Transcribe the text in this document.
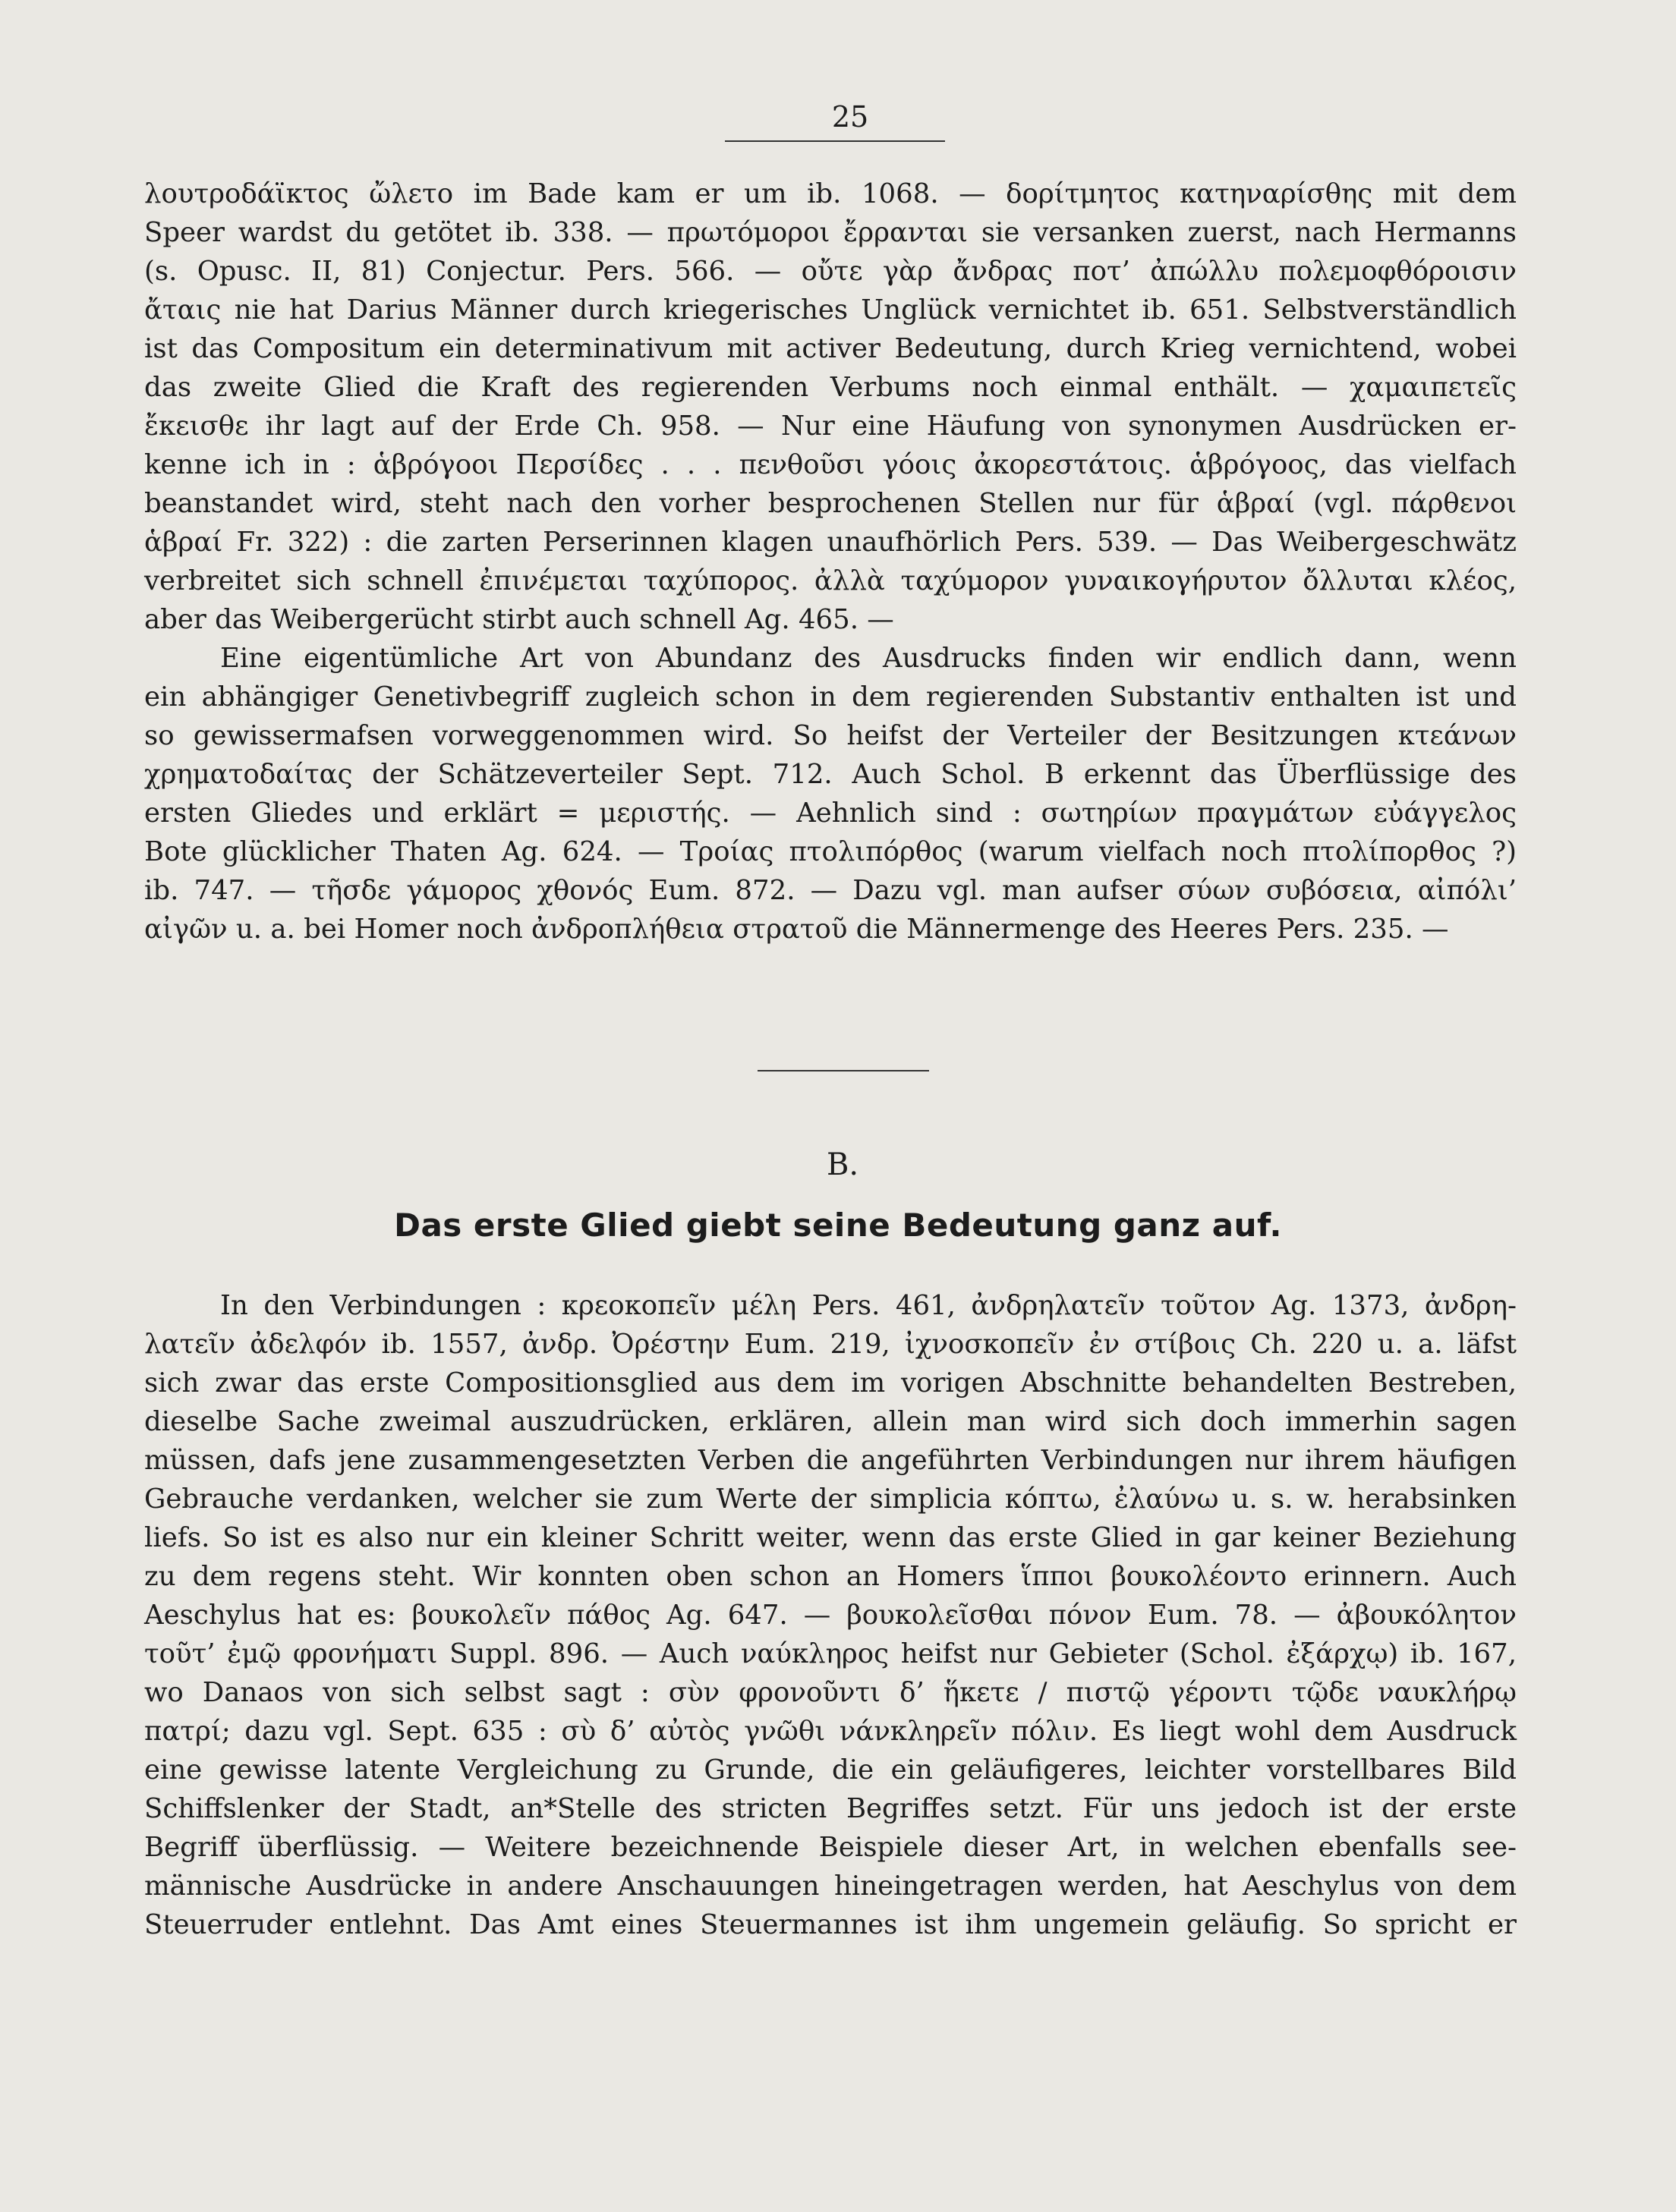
25
λουτροδάϊκτος ὤλετο im Bade kam er um ib. 1068. — δορίτμητος κατηναρίσθης mit dem
Speer wardst du getötet ib. 338. — πρωτόμοροι ἔρρανται sie versanken zuerst, nach Hermanns
(s. Opusc. II, 81) Conjectur. Pers. 566. — οὔτε γὰρ ἄνδρας ποτ’ ἀπώλλυ πολεμοφθόροισιν
ἄταις nie hat Darius Männer durch kriegerisches Unglück vernichtet ib. 651. Selbstverständlich
ist das Compositum ein determinativum mit activer Bedeutung, durch Krieg vernichtend, wobei
das zweite Glied die Kraft des regierenden Verbums noch einmal enthält. — χαμαιπετεῖς
ἔκεισθε ihr lagt auf der Erde Ch. 958. — Nur eine Häufung von synonymen Ausdrücken er-
kenne ich in : ἁβρόγοοι Περσίδες . . . πενθοῦσι γόοις ἀκορεστάτοις. ἁβρόγοος, das vielfach
beanstandet wird, steht nach den vorher besprochenen Stellen nur für ἁβραί (vgl. πάρθενοι
ἁβραί Fr. 322) : die zarten Perserinnen klagen unaufhörlich Pers. 539. — Das Weibergeschwätz
verbreitet sich schnell ἐπινέμεται ταχύπορος. ἀλλὰ ταχύμορον γυναικογήρυτον ὄλλυται κλέος,
aber das Weibergerücht stirbt auch schnell Ag. 465. —
Eine eigentümliche Art von Abundanz des Ausdrucks finden wir endlich dann, wenn
ein abhängiger Genetivbegriff zugleich schon in dem regierenden Substantiv enthalten ist und
so gewissermafsen vorweggenommen wird. So heifst der Verteiler der Besitzungen κτεάνων
χρηματοδαίτας der Schätzeverteiler Sept. 712. Auch Schol. B erkennt das Überflüssige des
ersten Gliedes und erklärt = μεριστής. — Aehnlich sind : σωτηρίων πραγμάτων εὐάγγελος
Bote glücklicher Thaten Ag. 624. — Τροίας πτολιπόρθος (warum vielfach noch πτολίπορθος ?)
ib. 747. — τῆσδε γάμορος χθονός Eum. 872. — Dazu vgl. man aufser σύων συβόσεια, αἰπόλι’
αἰγῶν u. a. bei Homer noch ἀνδροπλήθεια στρατοῦ die Männermenge des Heeres Pers. 235. —
B.
Das erste Glied giebt seine Bedeutung ganz auf.
In den Verbindungen : κρεοκοπεῖν μέλη Pers. 461, ἀνδρηλατεῖν τοῦτον Ag. 1373, ἀνδρη-
λατεῖν ἀδελφόν ib. 1557, ἀνδρ. Ὀρέστην Eum. 219, ἰχνοσκοπεῖν ἐν στίβοις Ch. 220 u. a. läfst
sich zwar das erste Compositionsglied aus dem im vorigen Abschnitte behandelten Bestreben,
dieselbe Sache zweimal auszudrücken, erklären, allein man wird sich doch immerhin sagen
müssen, dafs jene zusammengesetzten Verben die angeführten Verbindungen nur ihrem häufigen
Gebrauche verdanken, welcher sie zum Werte der simplicia κόπτω, ἐλαύνω u. s. w. herabsinken
liefs. So ist es also nur ein kleiner Schritt weiter, wenn das erste Glied in gar keiner Beziehung
zu dem regens steht. Wir konnten oben schon an Homers ἵπποι βουκολέοντο erinnern. Auch
Aeschylus hat es: βουκολεῖν πάθος Ag. 647. — βουκολεῖσθαι πόνον Eum. 78. — ἀβουκόλητον
τοῦτ’ ἐμῷ φρονήματι Suppl. 896. — Auch ναύκληρος heifst nur Gebieter (Schol. ἐξάρχῳ) ib. 167,
wo Danaos von sich selbst sagt : σὺν φρονοῦντι δ’ ἥκετε / πιστῷ γέροντι τῷδε ναυκλήρῳ
πατρί; dazu vgl. Sept. 635 : σὺ δ’ αὐτὸς γνῶθι νάνκληρεῖν πόλιν. Es liegt wohl dem Ausdruck
eine gewisse latente Vergleichung zu Grunde, die ein geläufigeres, leichter vorstellbares Bild
Schiffslenker der Stadt, an*Stelle des stricten Begriffes setzt. Für uns jedoch ist der erste
Begriff überflüssig. — Weitere bezeichnende Beispiele dieser Art, in welchen ebenfalls see-
männische Ausdrücke in andere Anschauungen hineingetragen werden, hat Aeschylus von dem
Steuerruder entlehnt. Das Amt eines Steuermannes ist ihm ungemein geläufig. So spricht er
